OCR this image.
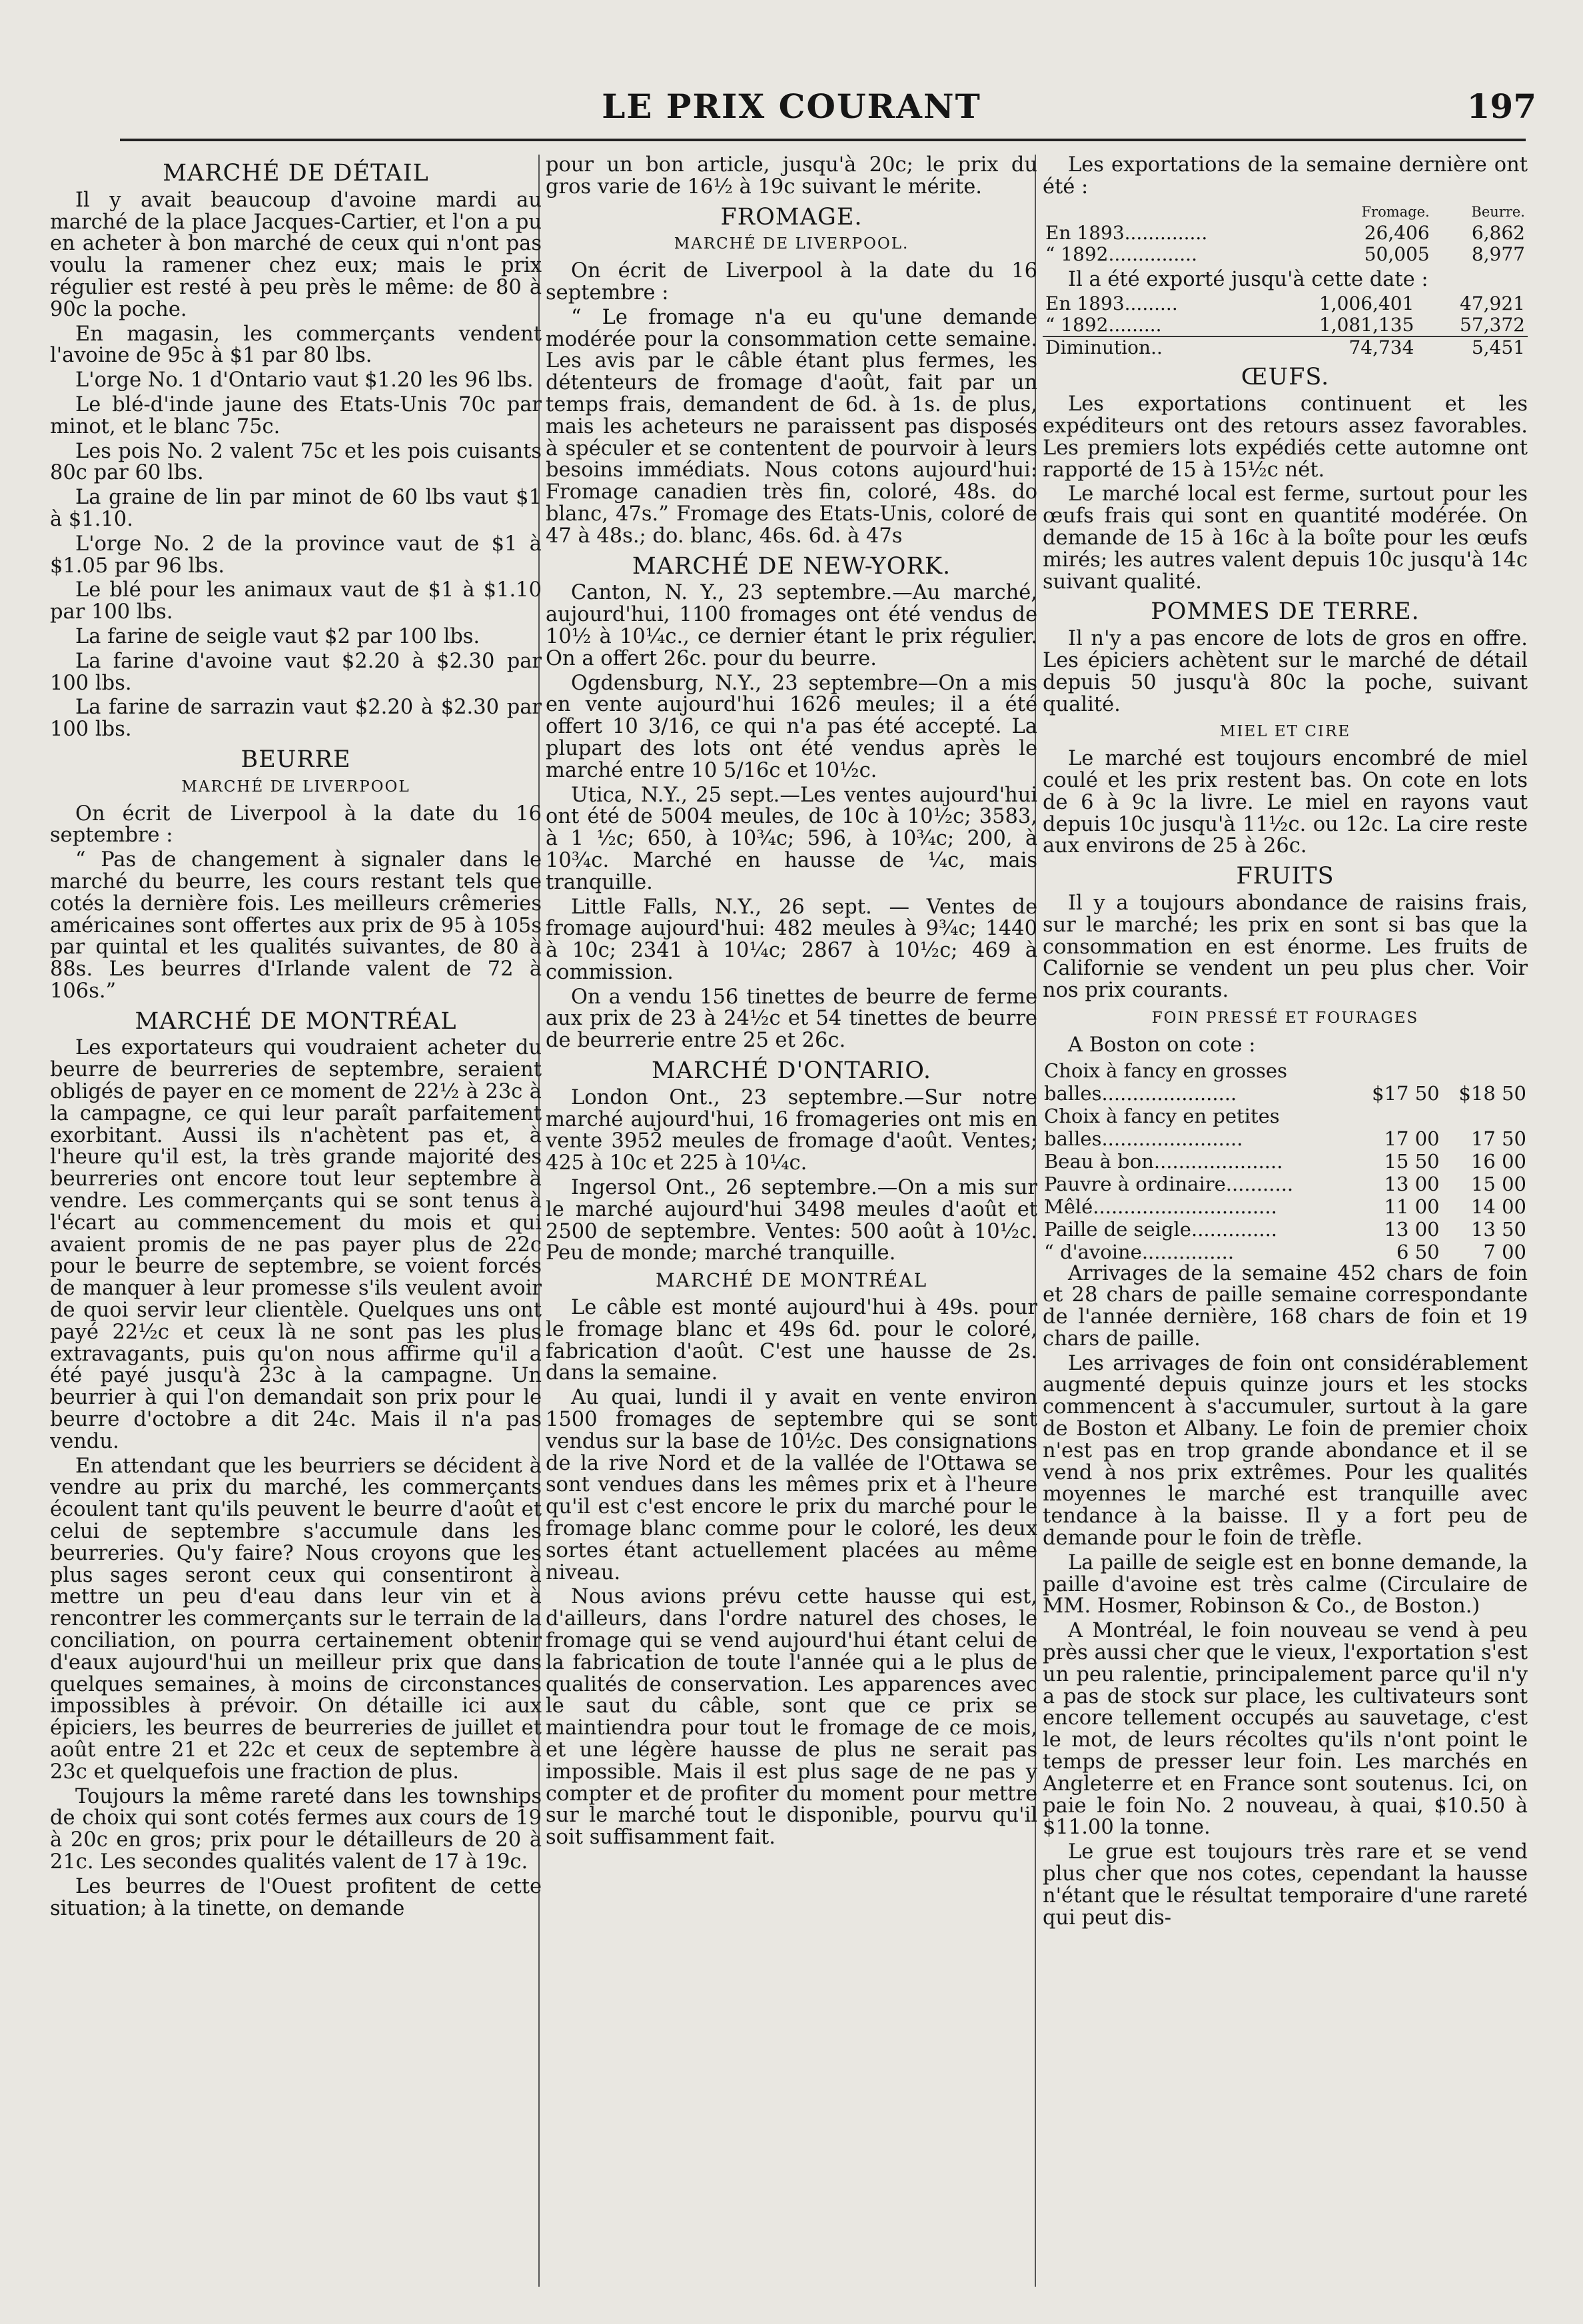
LE PRIX COURANT	197
MARCHÉ DE DÉTAIL

Il y avait beaucoup d'avoine mardi au marché de la place Jacques-Cartier, et l'on a pu en acheter à bon marché de ceux qui n'ont pas voulu la ramener chez eux; mais le prix régulier est resté à peu près le même: de 80 à 90c la poche.

En magasin, les commerçants vendent l'avoine de 95c à $1 par 80 lbs.

L'orge No. 1 d'Ontario vaut $1.20 les 96 lbs.

Le blé-d'inde jaune des Etats-Unis 70c par minot, et le blanc 75c.

Les pois No. 2 valent 75c et les pois cuisants 80c par 60 lbs.

La graine de lin par minot de 60 lbs vaut $1 à $1.10.

L'orge No. 2 de la province vaut de $1 à $1.05 par 96 lbs.

Le blé pour les animaux vaut de $1 à $1.10 par 100 lbs.

La farine de seigle vaut $2 par 100 lbs.

La farine d'avoine vaut $2.20 à $2.30 par 100 lbs.

La farine de sarrazin vaut $2.20 à $2.30 par 100 lbs.

BEURRE
MARCHÉ DE LIVERPOOL

On écrit de Liverpool à la date du 16 septembre :

“ Pas de changement à signaler dans le marché du beurre, les cours restant tels que cotés la dernière fois. Les meilleurs crêmeries américaines sont offertes aux prix de 95 à 105s par quintal et les qualités suivantes, de 80 à 88s. Les beurres d'Irlande valent de 72 à 106s.”

MARCHÉ DE MONTRÉAL

Les exportateurs qui voudraient acheter du beurre de beurreries de septembre, seraient obligés de payer en ce moment de 22½ à 23c à la campagne, ce qui leur paraît parfaitement exorbitant. Aussi ils n'achètent pas et, à l'heure qu'il est, la très grande majorité des beurreries ont encore tout leur septembre à vendre. Les commerçants qui se sont tenus à l'écart au commencement du mois et qui avaient promis de ne pas payer plus de 22c pour le beurre de septembre, se voient forcés de manquer à leur promesse s'ils veulent avoir de quoi servir leur clientèle. Quelques uns ont payé 22½c et ceux là ne sont pas les plus extravagants, puis qu'on nous affirme qu'il a été payé jusqu'à 23c à la campagne. Un beurrier à qui l'on demandait son prix pour le beurre d'octobre a dit 24c. Mais il n'a pas vendu.

En attendant que les beurriers se décident à vendre au prix du marché, les commerçants écoulent tant qu'ils peuvent le beurre d'août et celui de septembre s'accumule dans les beurreries. Qu'y faire? Nous croyons que les plus sages seront ceux qui consentiront à mettre un peu d'eau dans leur vin et à rencontrer les commerçants sur le terrain de la conciliation, on pourra certainement obtenir d'eaux aujourd'hui un meilleur prix que dans quelques semaines, à moins de circonstances impossibles à prévoir. On détaille ici aux épiciers, les beurres de beurreries de juillet et août entre 21 et 22c et ceux de septembre à 23c et quelquefois une fraction de plus.

Toujours la même rareté dans les townships de choix qui sont cotés fermes aux cours de 19 à 20c en gros; prix pour le détailleurs de 20 à 21c. Les secondes qualités valent de 17 à 19c.

Les beurres de l'Ouest profitent de cette situation; à la tinette, on demande

pour un bon article, jusqu'à 20c; le prix du gros varie de 16½ à 19c suivant le mérite.

FROMAGE.
MARCHÉ DE LIVERPOOL.

On écrit de Liverpool à la date du 16 septembre :

“ Le fromage n'a eu qu'une demande modérée pour la consommation cette semaine. Les avis par le câble étant plus fermes, les détenteurs de fromage d'août, fait par un temps frais, demandent de 6d. à 1s. de plus, mais les acheteurs ne paraissent pas disposés à spéculer et se contentent de pourvoir à leurs besoins immédiats. Nous cotons aujourd'hui: Fromage canadien très fin, coloré, 48s. do blanc, 47s.” Fromage des Etats-Unis, coloré de 47 à 48s.; do. blanc, 46s. 6d. à 47s

MARCHÉ DE NEW-YORK.

Canton, N. Y., 23 septembre.—Au marché, aujourd'hui, 1100 fromages ont été vendus de 10½ à 10¼c., ce dernier étant le prix régulier. On a offert 26c. pour du beurre.

Ogdensburg, N.Y., 23 septembre—On a mis en vente aujourd'hui 1626 meules; il a été offert 10 3/16, ce qui n'a pas été accepté. La plupart des lots ont été vendus après le marché entre 10 5/16c et 10½c.

Utica, N.Y., 25 sept.—Les ventes aujourd'hui ont été de 5004 meules, de 10c à 10½c; 3583, à 1 ½c; 650, à 10¾c; 596, à 10¾c; 200, à 10¾c. Marché en hausse de ¼c, mais tranquille.

Little Falls, N.Y., 26 sept. — Ventes de fromage aujourd'hui: 482 meules à 9¾c; 1440 à 10c; 2341 à 10¼c; 2867 à 10½c; 469 à commission.

On a vendu 156 tinettes de beurre de ferme aux prix de 23 à 24½c et 54 tinettes de beurre de beurrerie entre 25 et 26c.

MARCHÉ D'ONTARIO.

London Ont., 23 septembre.—Sur notre marché aujourd'hui, 16 fromageries ont mis en vente 3952 meules de fromage d'août. Ventes; 425 à 10c et 225 à 10¼c.

Ingersol Ont., 26 septembre.—On a mis sur le marché aujourd'hui 3498 meules d'août et 2500 de septembre. Ventes: 500 août à 10½c. Peu de monde; marché tranquille.

MARCHÉ DE MONTRÉAL

Le câble est monté aujourd'hui à 49s. pour le fromage blanc et 49s 6d. pour le coloré, fabrication d'août. C'est une hausse de 2s. dans la semaine.

Au quai, lundi il y avait en vente environ 1500 fromages de septembre qui se sont vendus sur la base de 10½c. Des consignations de la rive Nord et de la vallée de l'Ottawa se sont vendues dans les mêmes prix et à l'heure qu'il est c'est encore le prix du marché pour le fromage blanc comme pour le coloré, les deux sortes étant actuellement placées au même niveau.

Nous avions prévu cette hausse qui est, d'ailleurs, dans l'ordre naturel des choses, le fromage qui se vend aujourd'hui étant celui de la fabrication de toute l'année qui a le plus de qualités de conservation. Les apparences avec le saut du câble, sont que ce prix se maintiendra pour tout le fromage de ce mois, et une légère hausse de plus ne serait pas impossible. Mais il est plus sage de ne pas y compter et de profiter du moment pour mettre sur le marché tout le disponible, pourvu qu'il soit suffisamment fait.

Les exportations de la semaine dernière ont été :

	Fromage.	Beurre.
En 1893..............	26,406	6,862
“ 1892...............	50,005	8,977

Il a été exporté jusqu'à cette date :

En 1893.........	1,006,401	47,921
“ 1892.........	1,081,135	57,372
Diminution..	74,734	5,451
ŒUFS.

Les exportations continuent et les expéditeurs ont des retours assez favorables. Les premiers lots expédiés cette automne ont rapporté de 15 à 15½c nét.

Le marché local est ferme, surtout pour les œufs frais qui sont en quantité modérée. On demande de 15 à 16c à la boîte pour les œufs mirés; les autres valent depuis 10c jusqu'à 14c suivant qualité.

POMMES DE TERRE.

Il n'y a pas encore de lots de gros en offre. Les épiciers achètent sur le marché de détail depuis 50 jusqu'à 80c la poche, suivant qualité.

MIEL ET CIRE

Le marché est toujours encombré de miel coulé et les prix restent bas. On cote en lots de 6 à 9c la livre. Le miel en rayons vaut depuis 10c jusqu'à 11½c. ou 12c. La cire reste aux environs de 25 à 26c.

FRUITS

Il y a toujours abondance de raisins frais, sur le marché; les prix en sont si bas que la consommation en est énorme. Les fruits de Californie se vendent un peu plus cher. Voir nos prix courants.

FOIN PRESSÉ ET FOURAGES

A Boston on cote :

Choix à fancy en grosses		
balles......................	$17 50	$18 50
Choix à fancy en petites		
balles.......................	17 00	17 50
Beau à bon.....................	15 50	16 00
Pauvre à ordinaire...........	13 00	15 00
Mêlé..............................	11 00	14 00
Paille de seigle..............	13 00	13 50
“ d'avoine...............	6 50	7 00

Arrivages de la semaine 452 chars de foin et 28 chars de paille semaine correspondante de l'année dernière, 168 chars de foin et 19 chars de paille.

Les arrivages de foin ont considérablement augmenté depuis quinze jours et les stocks commencent à s'accumuler, surtout à la gare de Boston et Albany. Le foin de premier choix n'est pas en trop grande abondance et il se vend à nos prix extrêmes. Pour les qualités moyennes le marché est tranquille avec tendance à la baisse. Il y a fort peu de demande pour le foin de trèfle.

La paille de seigle est en bonne demande, la paille d'avoine est très calme (Circulaire de MM. Hosmer, Robinson & Co., de Boston.)

A Montréal, le foin nouveau se vend à peu près aussi cher que le vieux, l'exportation s'est un peu ralentie, principalement parce qu'il n'y a pas de stock sur place, les cultivateurs sont encore tellement occupés au sauvetage, c'est le mot, de leurs récoltes qu'ils n'ont point le temps de presser leur foin. Les marchés en Angleterre et en France sont soutenus. Ici, on paie le foin No. 2 nouveau, à quai, $10.50 à $11.00 la tonne.

Le grue est toujours très rare et se vend plus cher que nos cotes, cependant la hausse n'étant que le résultat temporaire d'une rareté qui peut dis-
